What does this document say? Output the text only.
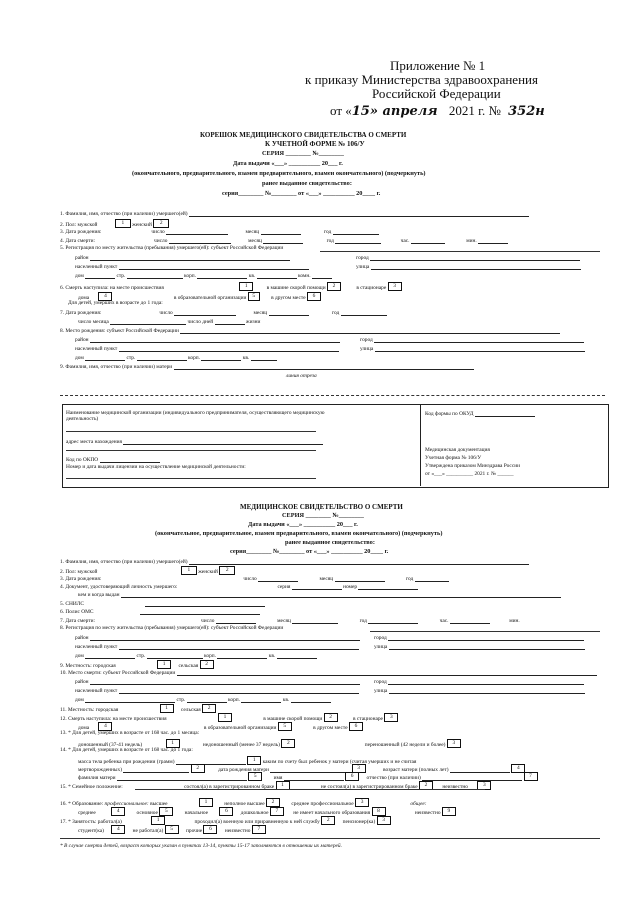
Приложение № 1
к приказу Министерства здравоохранения
Российской Федерации
от «15» апреля 2021 г. № 352н
КОРЕШОК МЕДИЦИНСКОГО СВИДЕТЕЛЬСТВА О СМЕРТИ
К УЧЕТНОЙ ФОРМЕ № 106/У
СЕРИЯ ________ №________
Дата выдачи «___» __________ 20___ г.
(окончательного, предварительного, взамен предварительного, взамен окончательного) (подчеркнуть)
ранее выданное свидетельство:
серия________ №________ от «___» __________ 20____ г.
1. Фамилия, имя, отчество (при наличии) умершего(ей)
2. Пол: мужской	1 женский 2
3. Дата рождения:	число	месяц	год
4. Дата смерти:	число	месяц	год	час.	мин.
5. Регистрация по месту жительства (пребывания) умершего(ей): субъект Российской Федерации
район	город
населенный пункт	улица
дом	стр.	корп.	кв.	комн.
6. Смерть наступила: на месте происшествия	1	в машине скорой помощи 2	в стационаре 3
дома	4	в образовательной организации 5	в другом месте 6
Для детей, умерших в возрасте до 1 года:
7. Дата рождения:	число	месяц	год
число месяца	число дней	жизни
8. Место рождения: субъект Российской Федерации
район	город
населенный пункт	улица
дом	стр.	корп.	кв.
9. Фамилия, имя, отчество (при наличии) матери
линия отреза
Наименование медицинской организации (индивидуального предпринимателя, осуществляющего медицинскую деятельность)
адрес места нахождения
Код по ОКПО
Номер и дата выдачи лицензии на осуществление медицинской деятельности:
Код формы по ОКУД
Медицинская документация
Учетная форма № 106/У
Утверждена приказом Минздрава России
от «___» __________ 2021 г. № ______
МЕДИЦИНСКОЕ СВИДЕТЕЛЬСТВО О СМЕРТИ
СЕРИЯ ________ №________
Дата выдачи «___» __________ 20___ г.
(окончательное, предварительное, взамен предварительного, взамен окончательного) (подчеркнуть)
ранее выданное свидетельство:
серия________ №________ от «___» __________ 20____ г.
1. Фамилия, имя, отчество (при наличии) умершего(ей)
2. Пол: мужской	1 женский 2
3. Дата рождения:	число	месяц	год
4. Документ, удостоверяющий личность умершего:	серия	номер
кем и когда выдан
5. СНИЛС
6. Полис ОМС
7. Дата смерти:	число	месяц	год	час.	мин.
8. Регистрация по месту жительства (пребывания) умершего(ей): субъект Российской Федерации
район	город
населенный пункт	улица
дом	стр.	корп.	кв.
9. Местность: городская	1 сельская 2
10. Место смерти: субъект Российской Федерации
район	город
населенный пункт	улица
дом	стр.	корп.	кв.
11. Местность: городская	1 сельская 2
12. Смерть наступила: на месте происшествия	1	в машине скорой помощи 2	в стационаре 3
дома	4	в образовательной организации 5	в другом месте 6
13. * Для детей, умерших в возрасте от 168 час. до 1 месяца:
доношенный (37-41 недель)	1	недоношенный (менее 37 недель) 2	переношенный (42 недели и более) 3
14. * Для детей, умерших в возрасте от 168 час. до 1 года:
масса тела ребенка при рождении (грамм)	1 каким по счету был ребенок у матери (считая умерших и не считая
мертворожденных)	2	дата рождения матери	3	возраст матери (полных лет)	4
фамилия матери	5	имя	6 отчество (при наличии)	7
15. * Семейное положение:	состоял(а) в зарегистрированном браке 1	не состоял(а) в зарегистрированном браке 2	неизвестно	3
16. * Образование: профессиональное: высшее	1	неполное высшее 2	среднее профессиональное 3	общее:
среднее	4	основное 5	начальное	6 дошкольное 7	не имеет начального образования 8	неизвестно 9
17. * Занятость: работал(а)	1	проходил(а) военную или приравненную к ней службу 2 пенсионер(ка) 3
студент(ка) 4 не работал(а) 5 прочие 6 неизвестно 7
* В случае смерти детей, возраст которых указан в пунктах 13-14, пункты 15-17 заполняются в отношении их матерей.
